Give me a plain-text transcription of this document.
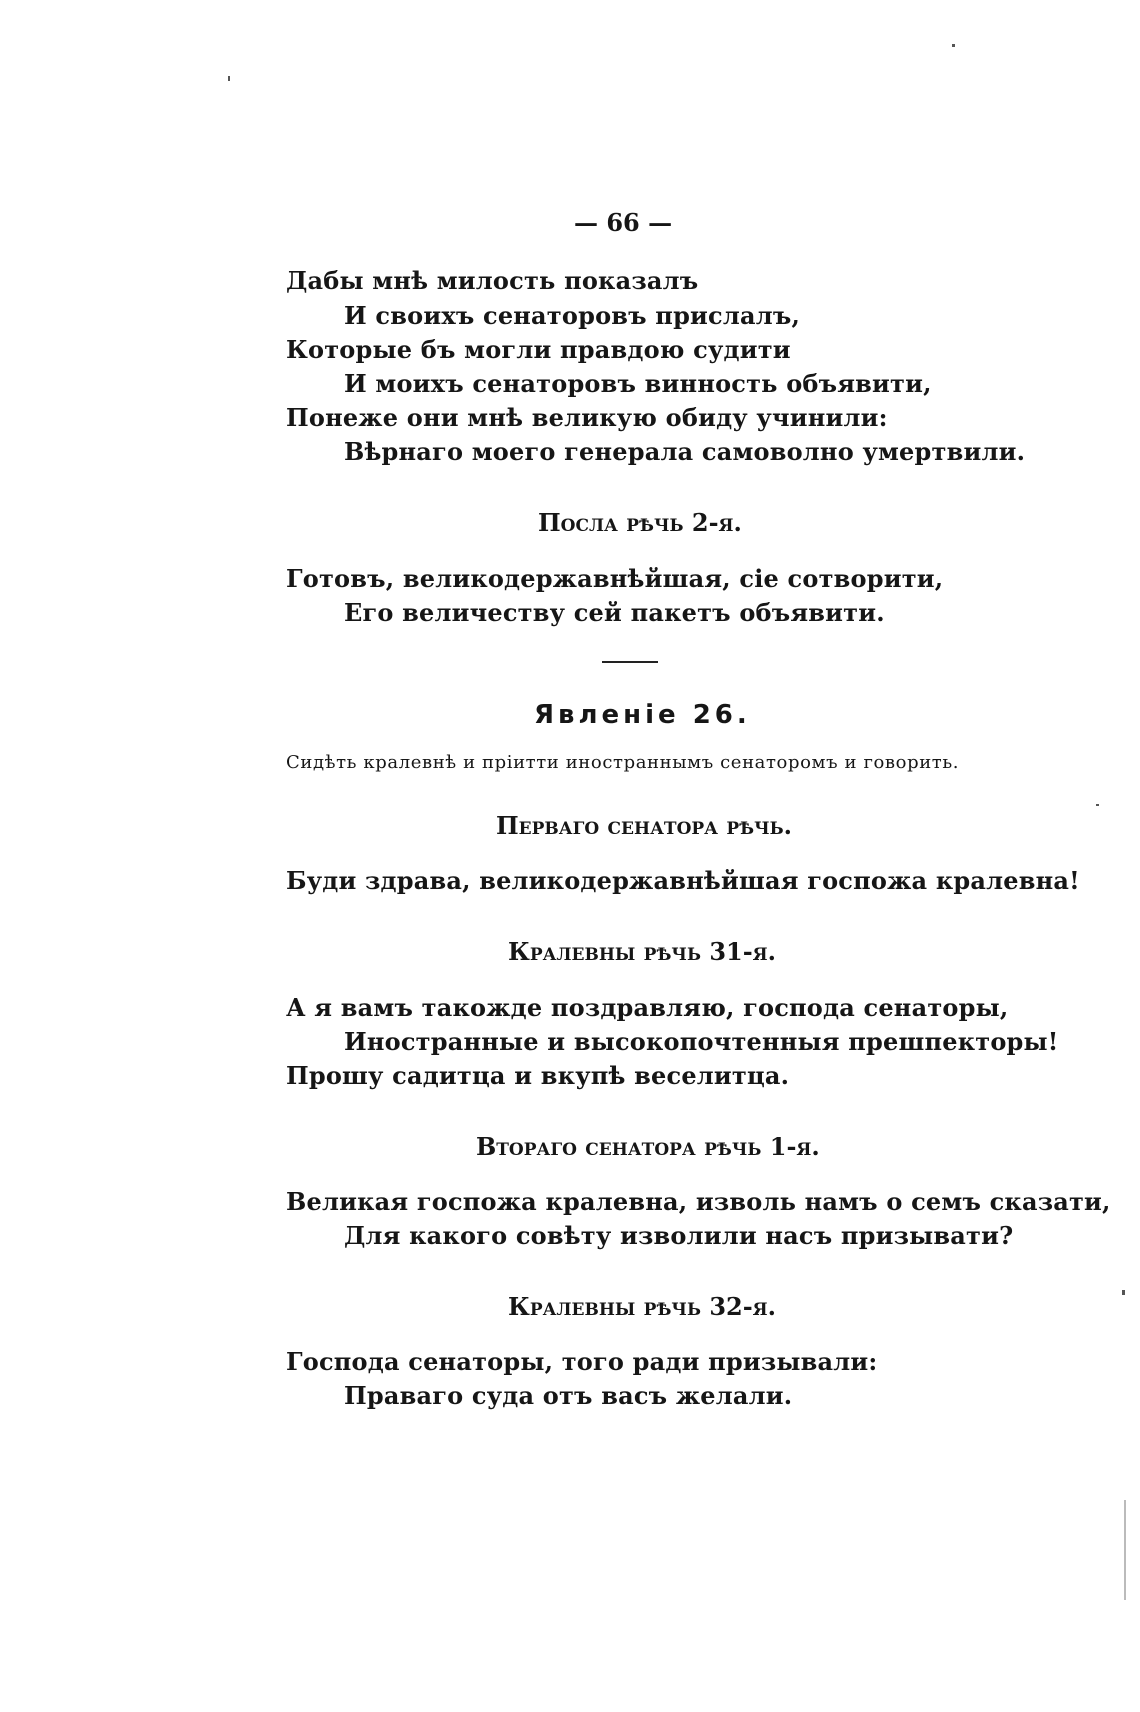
— 66 —
Дабы мнѣ милость показалъ
И своихъ сенаторовъ прислалъ,
Которые бъ могли правдою судити
И моихъ сенаторовъ винность объявити,
Понеже они мнѣ великую обиду учинили:
Вѣрнаго моего генерала самоволно умертвили.
Посла рѣчь 2-я.
Готовъ, великодержавнѣйшая, сіе сотворити,
Его величеству сей пакетъ объявити.
Явленіе 26.
Сидѣть кралевнѣ и пріитти иностраннымъ сенаторомъ и говорить.
Перваго сенатора рѣчь.
Буди здрава, великодержавнѣйшая госпожа кралевна!
Кралевны рѣчь 31-я.
А я вамъ такожде поздравляю, господа сенаторы,
Иностранные и высокопочтенныя прешпекторы!
Прошу садитца и вкупѣ веселитца.
Втораго сенатора рѣчь 1-я.
Великая госпожа кралевна, изволь намъ о семъ сказати,
Для какого совѣту изволили насъ призывати?
Кралевны рѣчь 32-я.
Господа сенаторы, того ради призывали:
Праваго суда отъ васъ желали.
